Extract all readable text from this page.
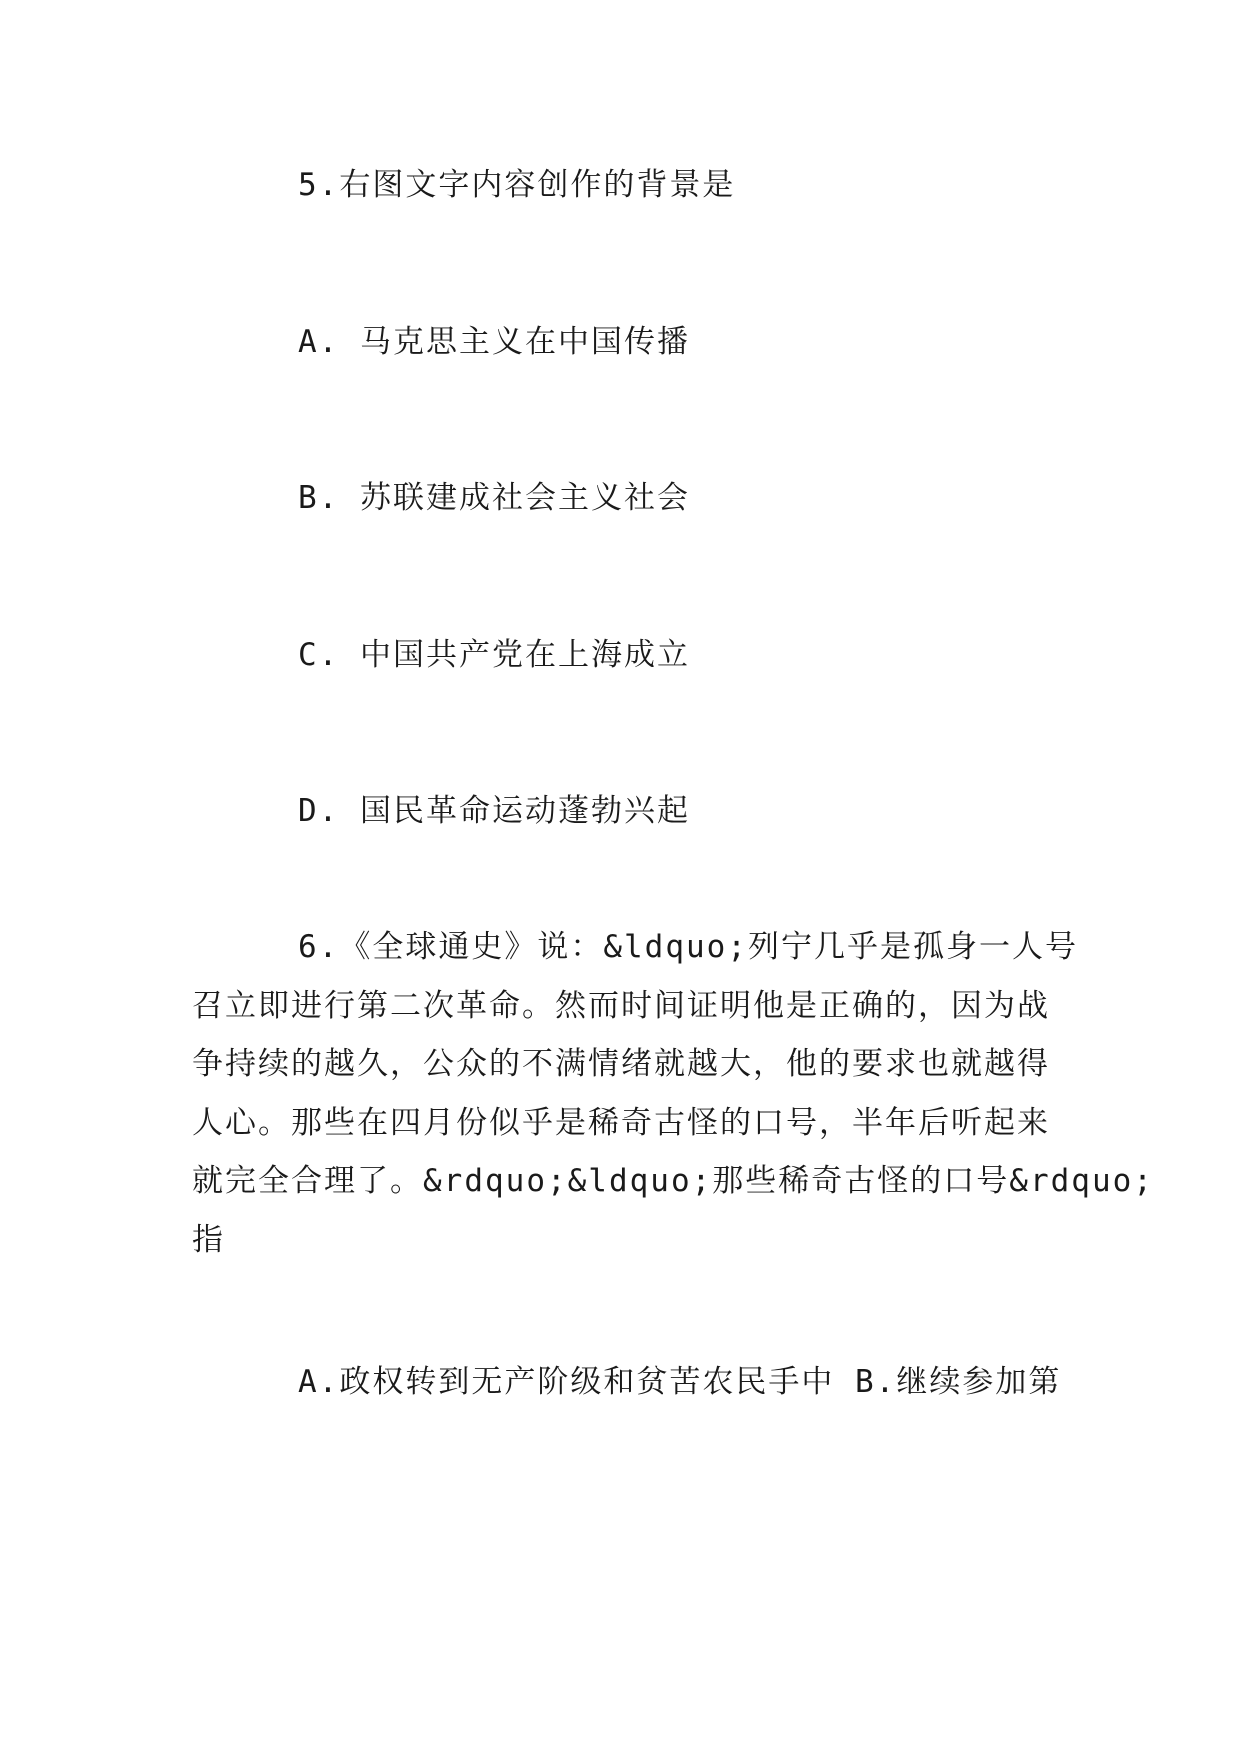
5.右图文字内容创作的背景是
A. 马克思主义在中国传播
B. 苏联建成社会主义社会
C. 中国共产党在上海成立
D. 国民革命运动蓬勃兴起
6.《全球通史》说：&ldquo;列宁几乎是孤身一人号
召立即进行第二次革命。然而时间证明他是正确的，因为战
争持续的越久，公众的不满情绪就越大，他的要求也就越得
人心。那些在四月份似乎是稀奇古怪的口号，半年后听起来
就完全合理了。&rdquo;&ldquo;那些稀奇古怪的口号&rdquo;
指
A.政权转到无产阶级和贫苦农民手中 B.继续参加第
